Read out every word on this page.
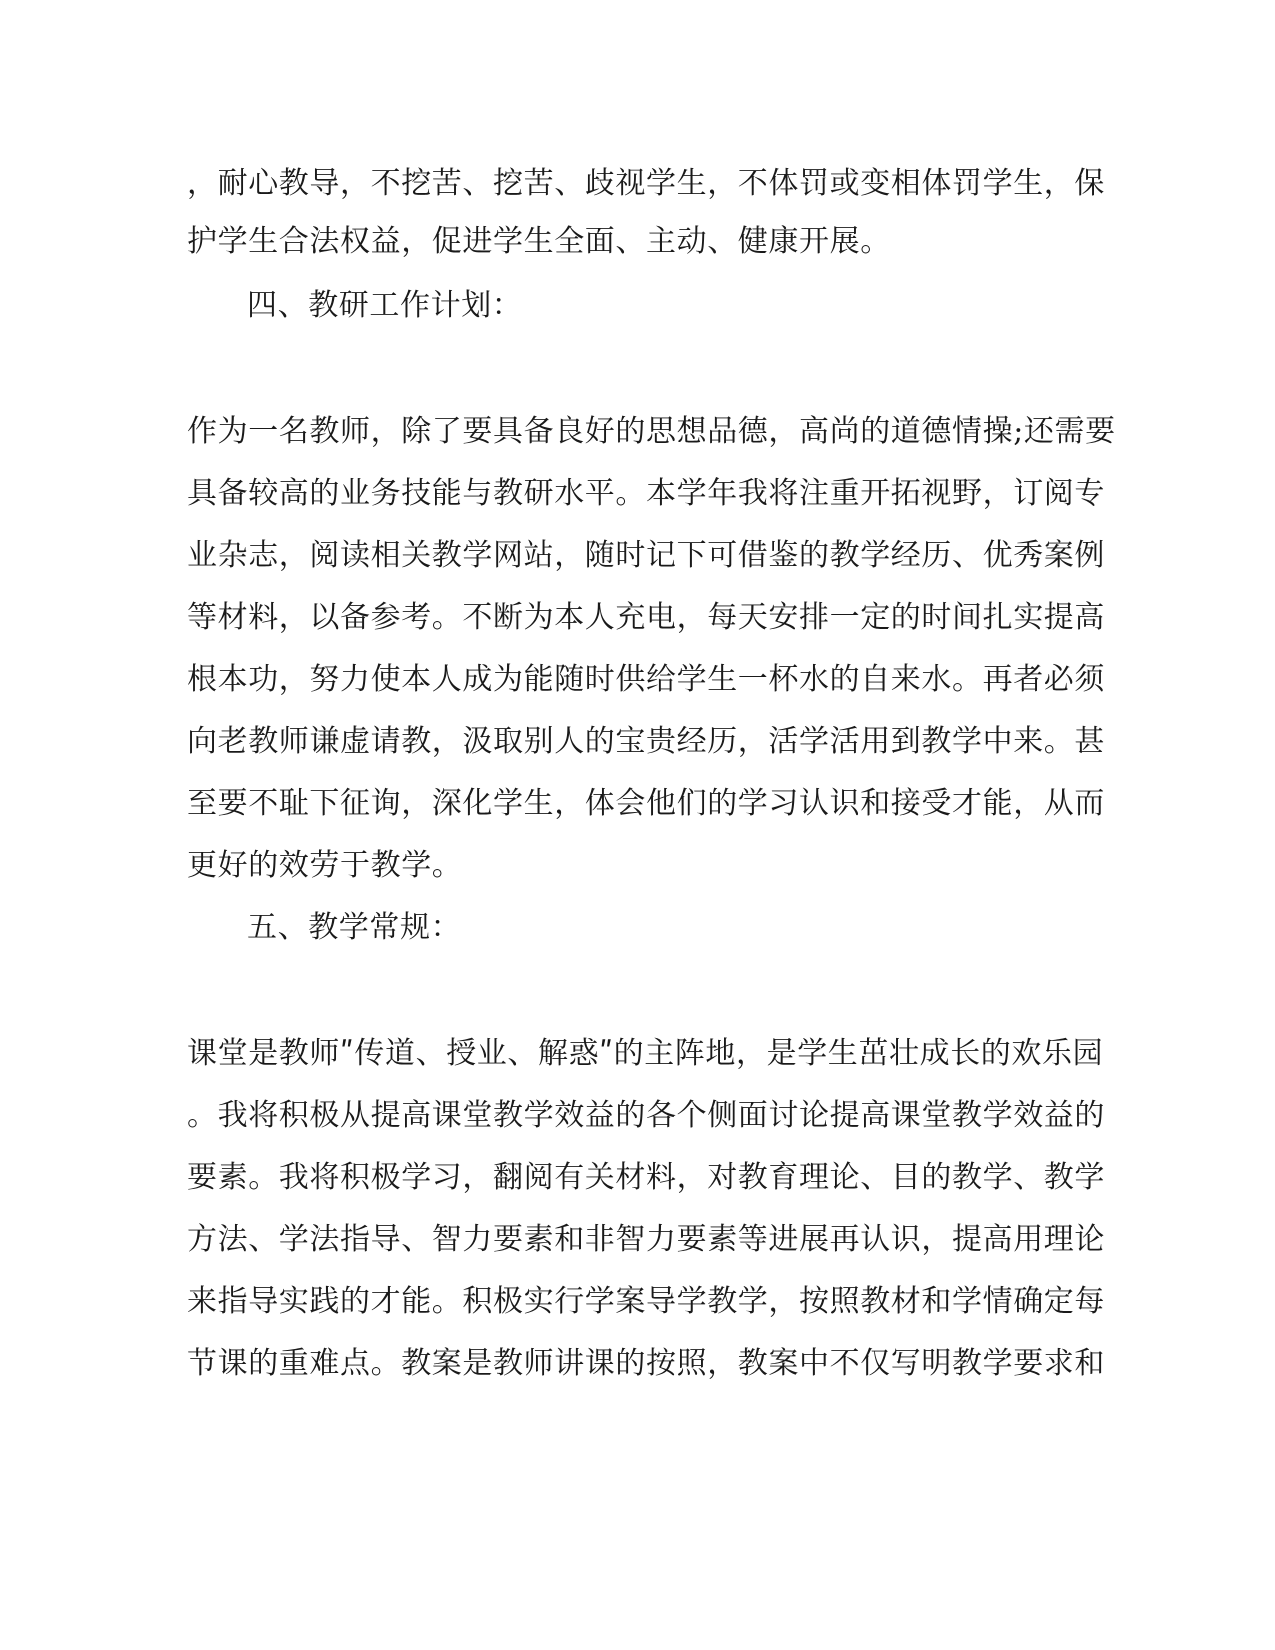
，耐心教导，不挖苦、挖苦、歧视学生，不体罚或变相体罚学生，保
护学生合法权益，促进学生全面、主动、健康开展。
四、教研工作计划：
作为一名教师，除了要具备良好的思想品德，高尚的道德情操;还需要
具备较高的业务技能与教研水平。本学年我将注重开拓视野，订阅专
业杂志，阅读相关教学网站，随时记下可借鉴的教学经历、优秀案例
等材料，以备参考。不断为本人充电，每天安排一定的时间扎实提高
根本功，努力使本人成为能随时供给学生一杯水的自来水。再者必须
向老教师谦虚请教，汲取别人的宝贵经历，活学活用到教学中来。甚
至要不耻下征询，深化学生，体会他们的学习认识和接受才能，从而
更好的效劳于教学。
五、教学常规：
课堂是教师ʺ传道、授业、解惑ʺ的主阵地，是学生茁壮成长的欢乐园
。我将积极从提高课堂教学效益的各个侧面讨论提高课堂教学效益的
要素。我将积极学习，翻阅有关材料，对教育理论、目的教学、教学
方法、学法指导、智力要素和非智力要素等进展再认识，提高用理论
来指导实践的才能。积极实行学案导学教学，按照教材和学情确定每
节课的重难点。教案是教师讲课的按照，教案中不仅写明教学要求和
